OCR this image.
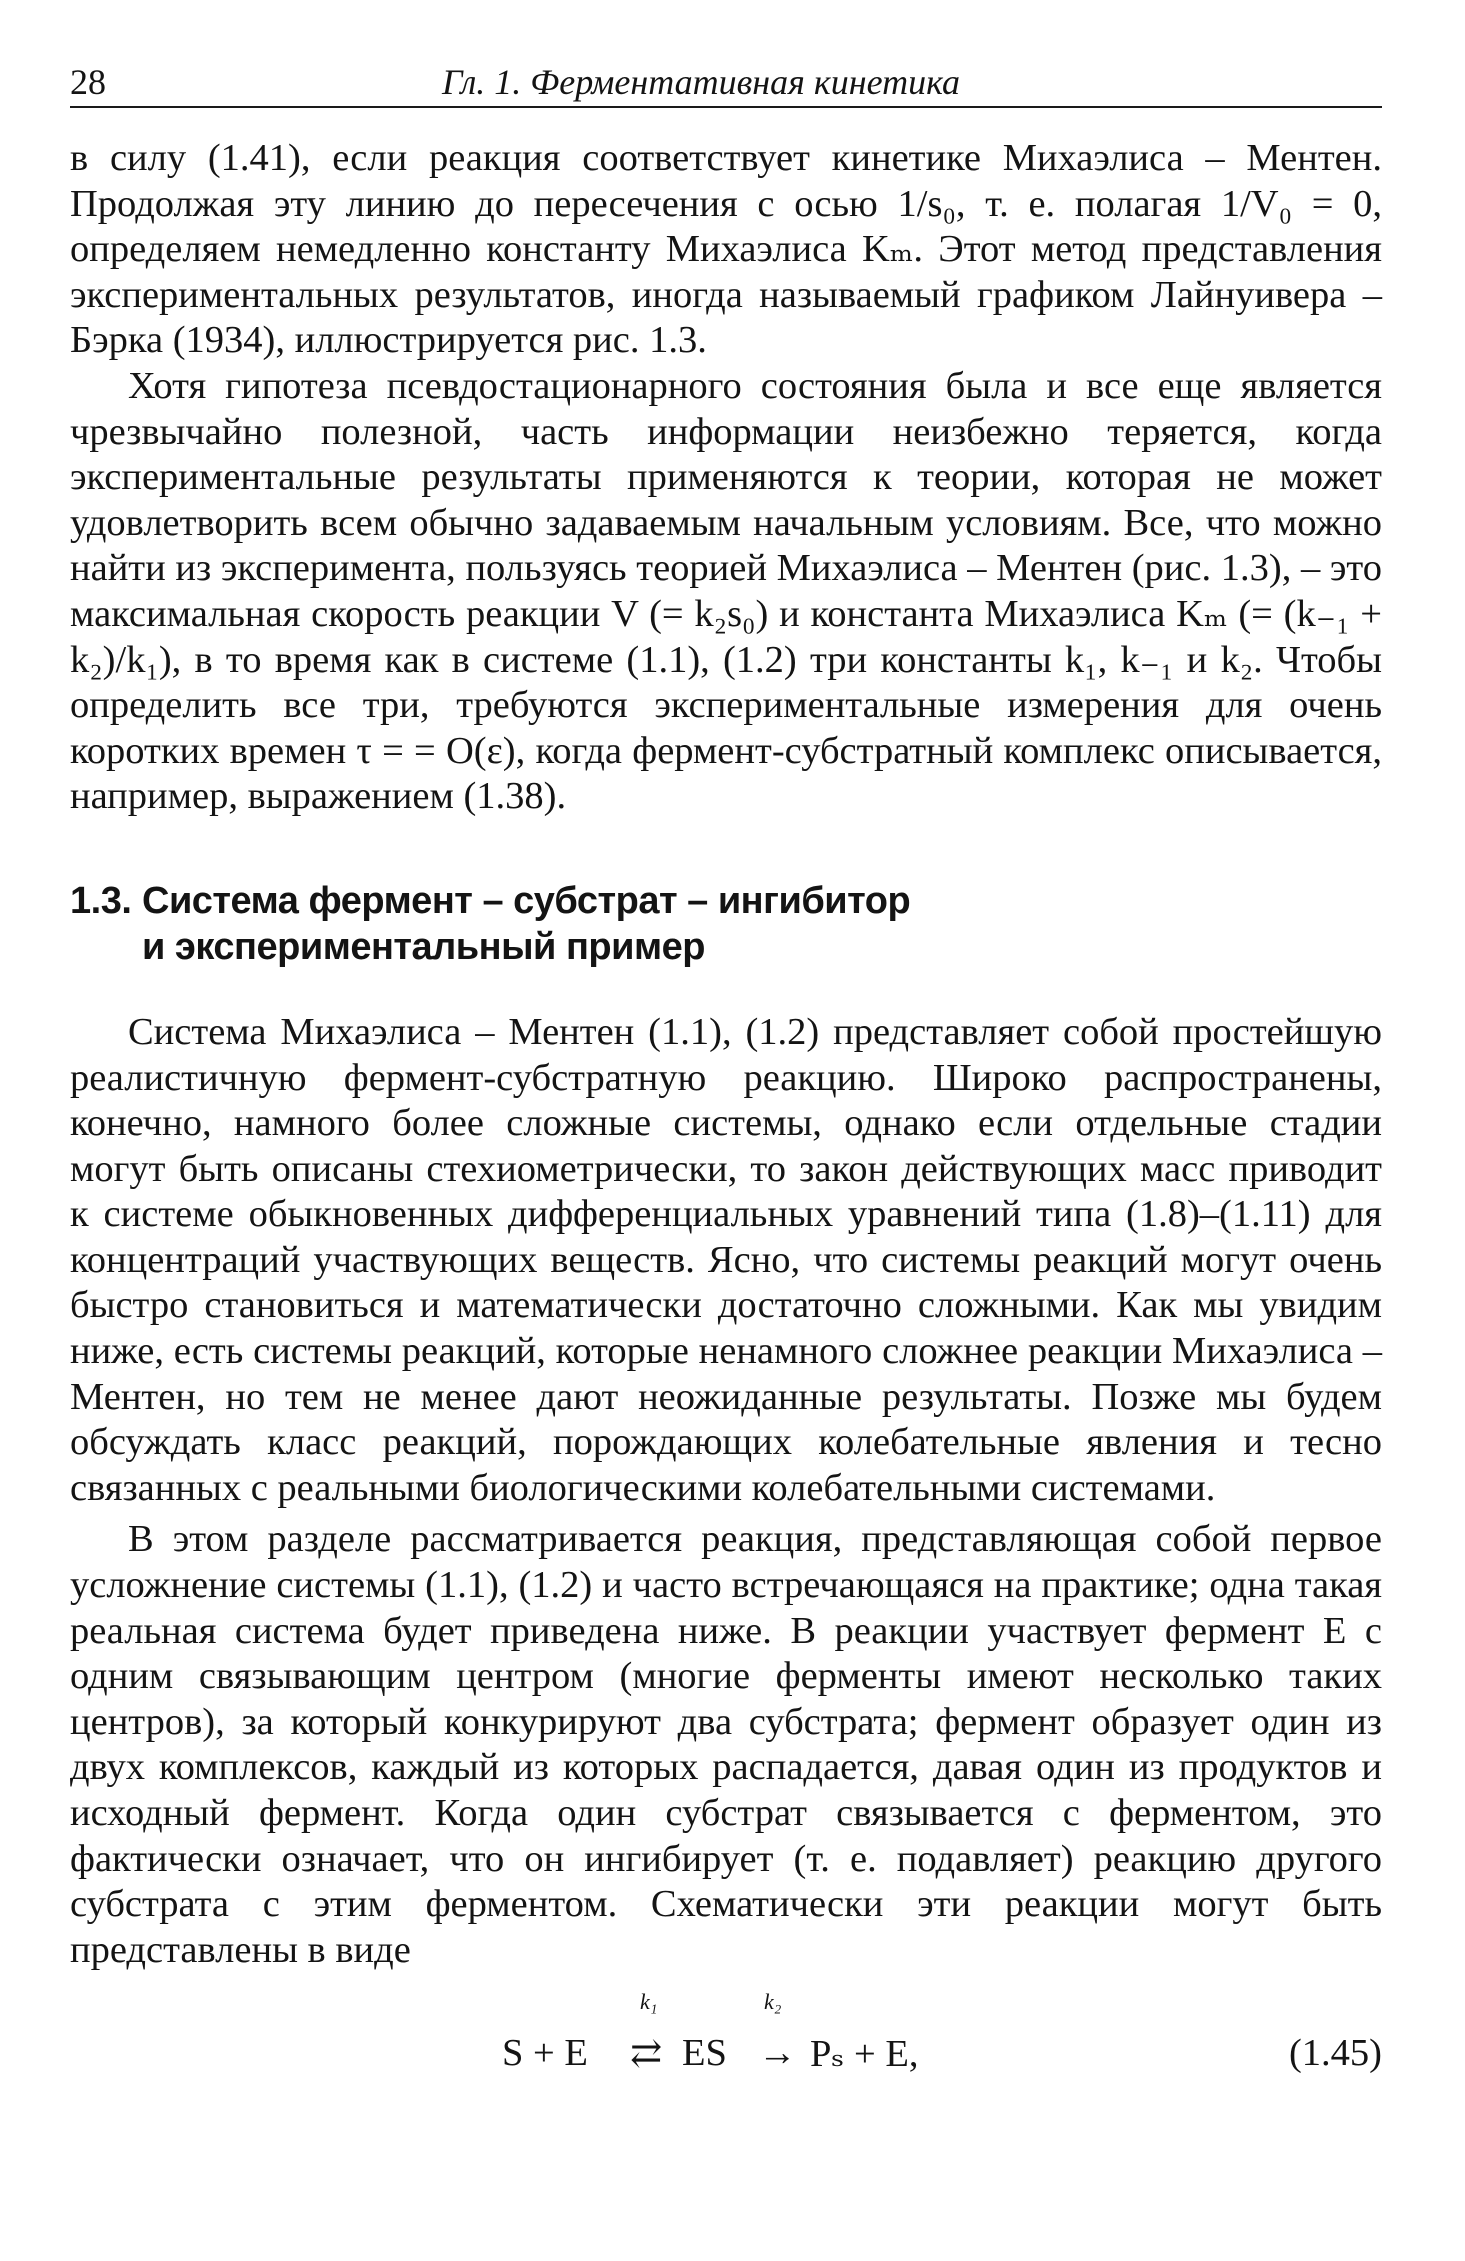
28	Гл. 1. Ферментативная кинетика

в силу (1.41), если реакция соответствует кинетике Михаэлиса – Ментен. Продолжая эту линию до пересечения с осью 1/s₀, т. е. полагая 1/V₀ = 0, определяем немедленно константу Михаэлиса Kₘ. Этот метод представления экспериментальных результатов, иногда называемый графиком Лайнуивера – Бэрка (1934), иллюстрируется рис. 1.3.

Хотя гипотеза псевдостационарного состояния была и все еще является чрезвычайно полезной, часть информации неизбежно теряется, когда экспериментальные результаты применяются к теории, которая не может удовлетворить всем обычно задаваемым начальным условиям. Все, что можно найти из эксперимента, пользуясь теорией Михаэлиса – Ментен (рис. 1.3), – это максимальная скорость реакции V (= k₂s₀) и константа Михаэлиса Kₘ (= (k₋₁ + k₂)/k₁), в то время как в системе (1.1), (1.2) три константы k₁, k₋₁ и k₂. Чтобы определить все три, требуются экспериментальные измерения для очень коротких времен τ = = O(ε), когда фермент-субстратный комплекс описывается, например, выражением (1.38).

1.3. Система фермент – субстрат – ингибитор
и экспериментальный пример

Система Михаэлиса – Ментен (1.1), (1.2) представляет собой простейшую реалистичную фермент-субстратную реакцию. Широко распространены, конечно, намного более сложные системы, однако если отдельные стадии могут быть описаны стехиометрически, то закон действующих масс приводит к системе обыкновенных дифференциальных уравнений типа (1.8)–(1.11) для концентраций участвующих веществ. Ясно, что системы реакций могут очень быстро становиться и математически достаточно сложными. Как мы увидим ниже, есть системы реакций, которые ненамного сложнее реакции Михаэлиса – Ментен, но тем не менее дают неожиданные результаты. Позже мы будем обсуждать класс реакций, порождающих колебательные явления и тесно связанных с реальными биологическими колебательными системами.

В этом разделе рассматривается реакция, представляющая собой первое усложнение системы (1.1), (1.2) и часто встречающаяся на практике; одна такая реальная система будет приведена ниже. В реакции участвует фермент E с одним связывающим центром (многие ферменты имеют несколько таких центров), за который конкурируют два субстрата; фермент образует один из двух комплексов, каждый из которых распадается, давая один из продуктов и исходный фермент. Когда один субстрат связывается с ферментом, это фактически означает, что он ингибирует (т. е. подавляет) реакцию другого субстрата с этим ферментом. Схематически эти реакции могут быть представлены в виде

k₁	k₂
S + E ⇄ ES → Pₛ + E,	(1.45)
